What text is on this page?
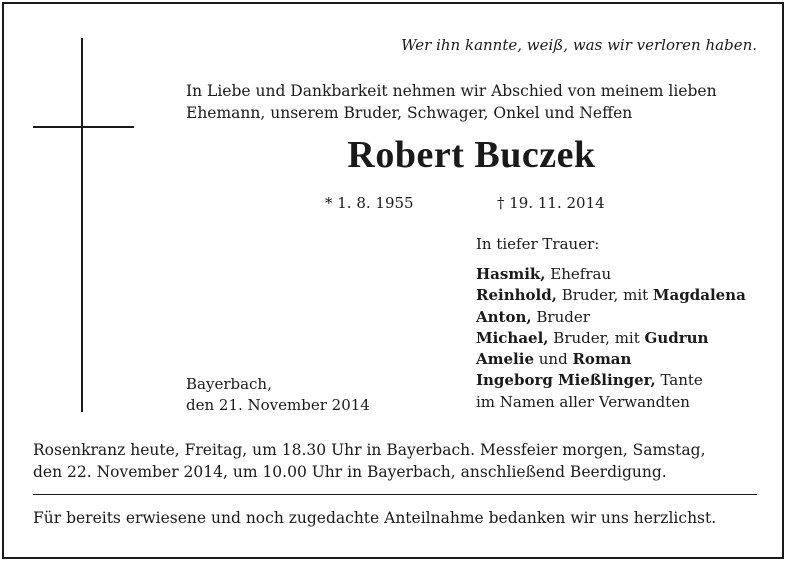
Wer ihn kannte, weiß, was wir verloren haben.
In Liebe und Dankbarkeit nehmen wir Abschied von meinem lieben
Ehemann, unserem Bruder, Schwager, Onkel und Neffen
Robert Buczek
* 1. 8. 1955	† 19. 11. 2014
In tiefer Trauer:
Hasmik, Ehefrau
Reinhold, Bruder, mit Magdalena
Anton, Bruder
Michael, Bruder, mit Gudrun
Amelie und Roman
Ingeborg Mießlinger, Tante
im Namen aller Verwandten
Bayerbach,
den 21. November 2014
Rosenkranz heute, Freitag, um 18.30 Uhr in Bayerbach. Messfeier morgen, Samstag,
den 22. November 2014, um 10.00 Uhr in Bayerbach, anschließend Beerdigung.
Für bereits erwiesene und noch zugedachte Anteilnahme bedanken wir uns herzlichst.
